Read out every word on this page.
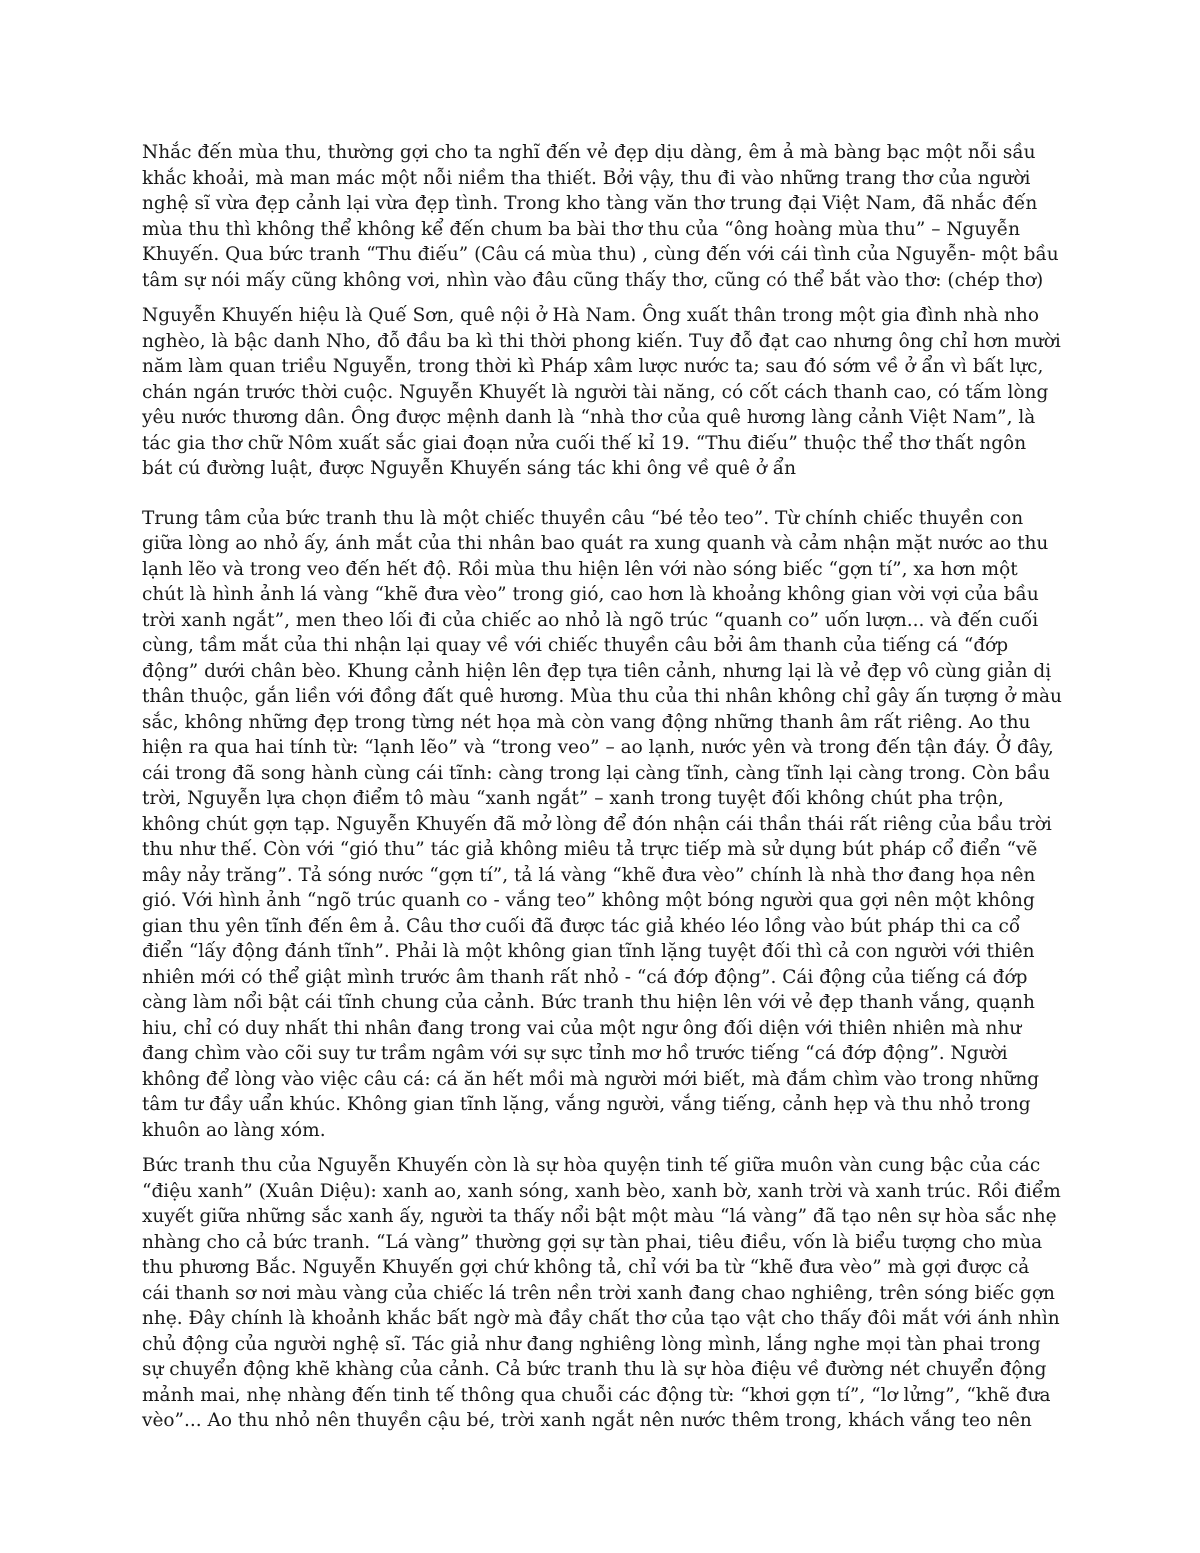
Nhắc đến mùa thu, thường gợi cho ta nghĩ đến vẻ đẹp dịu dàng, êm ả mà bàng bạc một nỗi sầu khắc khoải, mà man mác một nỗi niềm tha thiết. Bởi vậy, thu đi vào những trang thơ của người nghệ sĩ vừa đẹp cảnh lại vừa đẹp tình. Trong kho tàng văn thơ trung đại Việt Nam, đã nhắc đến mùa thu thì không thể không kể đến chum ba bài thơ thu của “ông hoàng mùa thu” – Nguyễn Khuyến. Qua bức tranh “Thu điếu” (Câu cá mùa thu) , cùng đến với cái tình của Nguyễn- một bầu tâm sự nói mấy cũng không vơi, nhìn vào đâu cũng thấy thơ, cũng có thể bắt vào thơ: (chép thơ)

Nguyễn Khuyến hiệu là Quế Sơn, quê nội ở Hà Nam. Ông xuất thân trong một gia đình nhà nho nghèo, là bậc danh Nho, đỗ đầu ba kì thi thời phong kiến. Tuy đỗ đạt cao nhưng ông chỉ hơn mười năm làm quan triều Nguyễn, trong thời kì Pháp xâm lược nước ta; sau đó sớm về ở ẩn vì bất lực, chán ngán trước thời cuộc. Nguyễn Khuyết là người tài năng, có cốt cách thanh cao, có tấm lòng yêu nước thương dân. Ông được mệnh danh là “nhà thơ của quê hương làng cảnh Việt Nam”, là tác gia thơ chữ Nôm xuất sắc giai đoạn nửa cuối thế kỉ 19. “Thu điếu” thuộc thể thơ thất ngôn bát cú đường luật, được Nguyễn Khuyến sáng tác khi ông về quê ở ẩn

Trung tâm của bức tranh thu là một chiếc thuyền câu “bé tẻo teo”. Từ chính chiếc thuyền con giữa lòng ao nhỏ ấy, ánh mắt của thi nhân bao quát ra xung quanh và cảm nhận mặt nước ao thu lạnh lẽo và trong veo đến hết độ. Rồi mùa thu hiện lên với nào sóng biếc “gợn tí”, xa hơn một chút là hình ảnh lá vàng “khẽ đưa vèo” trong gió, cao hơn là khoảng không gian vời vợi của bầu trời xanh ngắt”, men theo lối đi của chiếc ao nhỏ là ngõ trúc “quanh co” uốn lượn... và đến cuối cùng, tầm mắt của thi nhận lại quay về với chiếc thuyền câu bởi âm thanh của tiếng cá “đớp động” dưới chân bèo. Khung cảnh hiện lên đẹp tựa tiên cảnh, nhưng lại là vẻ đẹp vô cùng giản dị thân thuộc, gắn liền với đồng đất quê hương. Mùa thu của thi nhân không chỉ gây ấn tượng ở màu sắc, không những đẹp trong từng nét họa mà còn vang động những thanh âm rất riêng. Ao thu hiện ra qua hai tính từ: “lạnh lẽo” và “trong veo” – ao lạnh, nước yên và trong đến tận đáy. Ở đây, cái trong đã song hành cùng cái tĩnh: càng trong lại càng tĩnh, càng tĩnh lại càng trong. Còn bầu trời, Nguyễn lựa chọn điểm tô màu “xanh ngắt” – xanh trong tuyệt đối không chút pha trộn, không chút gợn tạp. Nguyễn Khuyến đã mở lòng để đón nhận cái thần thái rất riêng của bầu trời thu như thế. Còn với “gió thu” tác giả không miêu tả trực tiếp mà sử dụng bút pháp cổ điển “vẽ mây nảy trăng”. Tả sóng nước “gợn tí”, tả lá vàng “khẽ đưa vèo” chính là nhà thơ đang họa nên gió. Với hình ảnh “ngõ trúc quanh co - vắng teo” không một bóng người qua gợi nên một không gian thu yên tĩnh đến êm ả. Câu thơ cuối đã được tác giả khéo léo lồng vào bút pháp thi ca cổ điển “lấy động đánh tĩnh”. Phải là một không gian tĩnh lặng tuyệt đối thì cả con người với thiên nhiên mới có thể giật mình trước âm thanh rất nhỏ - “cá đớp động”. Cái động của tiếng cá đớp càng làm nổi bật cái tĩnh chung của cảnh. Bức tranh thu hiện lên với vẻ đẹp thanh vắng, quạnh hiu, chỉ có duy nhất thi nhân đang trong vai của một ngư ông đối diện với thiên nhiên mà như đang chìm vào cõi suy tư trầm ngâm với sự sực tỉnh mơ hồ trước tiếng “cá đớp động”. Người không để lòng vào việc câu cá: cá ăn hết mồi mà người mới biết, mà đắm chìm vào trong những tâm tư đầy uẩn khúc. Không gian tĩnh lặng, vắng người, vắng tiếng, cảnh hẹp và thu nhỏ trong khuôn ao làng xóm.

Bức tranh thu của Nguyễn Khuyến còn là sự hòa quyện tinh tế giữa muôn vàn cung bậc của các “điệu xanh” (Xuân Diệu): xanh ao, xanh sóng, xanh bèo, xanh bờ, xanh trời và xanh trúc. Rồi điểm xuyết giữa những sắc xanh ấy, người ta thấy nổi bật một màu “lá vàng” đã tạo nên sự hòa sắc nhẹ nhàng cho cả bức tranh. “Lá vàng” thường gợi sự tàn phai, tiêu điều, vốn là biểu tượng cho mùa thu phương Bắc. Nguyễn Khuyến gợi chứ không tả, chỉ với ba từ “khẽ đưa vèo” mà gợi được cả cái thanh sơ nơi màu vàng của chiếc lá trên nền trời xanh đang chao nghiêng, trên sóng biếc gợn nhẹ. Đây chính là khoảnh khắc bất ngờ mà đầy chất thơ của tạo vật cho thấy đôi mắt với ánh nhìn chủ động của người nghệ sĩ. Tác giả như đang nghiêng lòng mình, lắng nghe mọi tàn phai trong sự chuyển động khẽ khàng của cảnh. Cả bức tranh thu là sự hòa điệu về đường nét chuyển động mảnh mai, nhẹ nhàng đến tinh tế thông qua chuỗi các động từ: “khơi gợn tí”, “lơ lửng”, “khẽ đưa vèo”... Ao thu nhỏ nên thuyền cậu bé, trời xanh ngắt nên nước thêm trong, khách vắng teo nên
